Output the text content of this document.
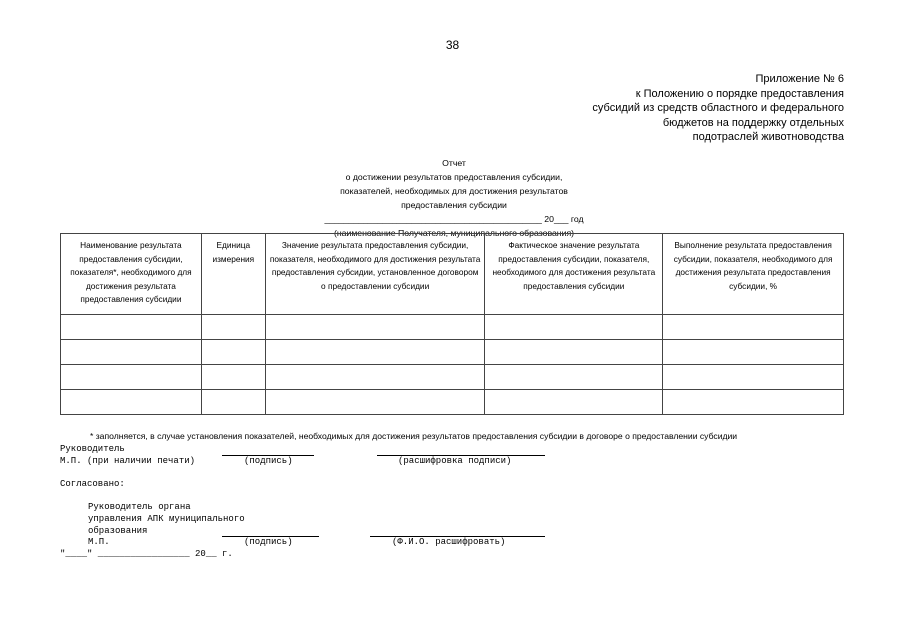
38
Приложение № 6
к Положению о порядке предоставления
субсидий из средств областного и федерального
бюджетов на поддержку отдельных
подотраслей животноводства
Отчет
о достижении результатов предоставления субсидии,
показателей, необходимых для достижения результатов
предоставления субсидии
_____________________________________________ 20___ год
(наименование Получателя, муниципального образования)
Наименование результата предоставления субсидии, показателя*, необходимого для достижения результата предоставления субсидии	Единица измерения	Значение результата предоставления субсидии, показателя, необходимого для достижения результата предоставления субсидии, установленное договором о предоставлении субсидии	Фактическое значение результата предоставления субсидии, показателя, необходимого для достижения результата предоставления субсидии	Выполнение результата предоставления субсидии, показателя, необходимого для достижения результата предоставления субсидии, %

* заполняется, в случае установления показателей, необходимых для достижения результатов предоставления субсидии в договоре о предоставлении субсидии
Руководитель
М.П. (при наличии печати)	(подпись)	(расшифровка подписи)
Согласовано:
Руководитель органа
управления АПК муниципального
образования
М.П.	(подпись)	(Ф.И.О. расшифровать)
"____" _________________ 20__ г.
